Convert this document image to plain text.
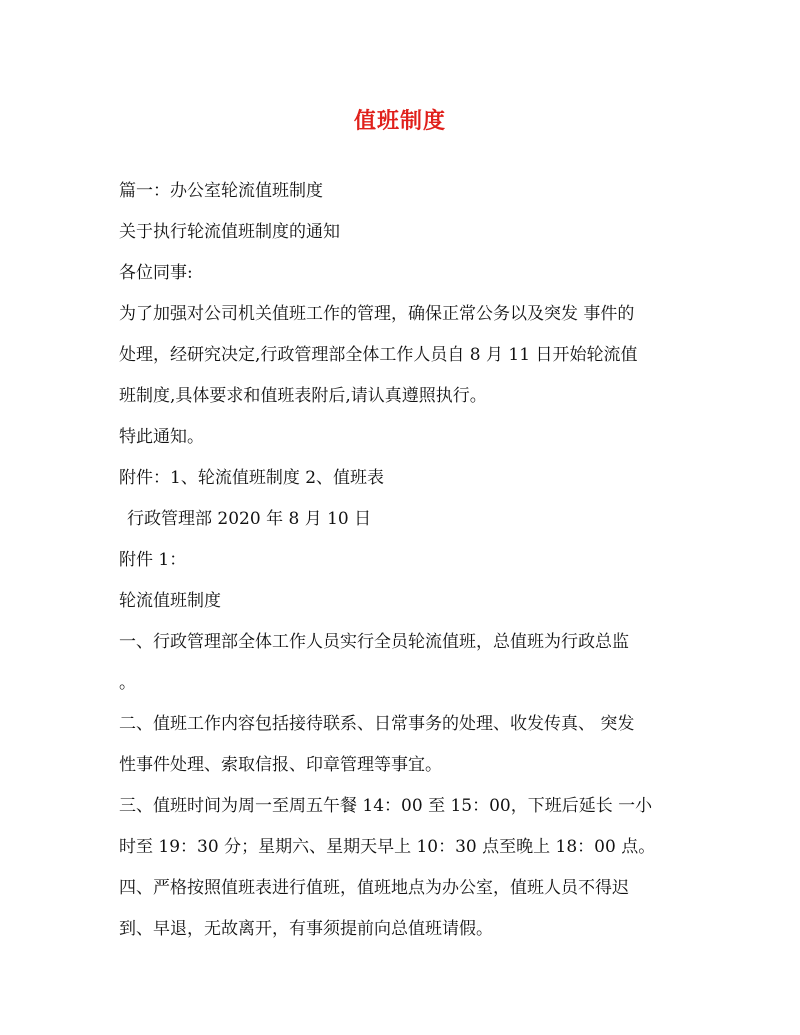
值班制度
篇一：办公室轮流值班制度
关于执行轮流值班制度的通知
各位同事:
为了加强对公司机关值班工作的管理，确保正常公务以及突发 事件的
处理，经研究决定,行政管理部全体工作人员自 8 月 11 日开始轮流值
班制度,具体要求和值班表附后,请认真遵照执行。
特此通知。
附件：1、轮流值班制度 2、值班表
行政管理部 2020 年 8 月 10 日
附件 1：
轮流值班制度
一、行政管理部全体工作人员实行全员轮流值班，总值班为行政总监
。
二、值班工作内容包括接待联系、日常事务的处理、收发传真、 突发
性事件处理、索取信报、印章管理等事宜。
三、值班时间为周一至周五午餐 14：00 至 15：00，下班后延长 一小
时至 19：30 分；星期六、星期天早上 10：30 点至晚上 18：00 点。
四、严格按照值班表进行值班，值班地点为办公室，值班人员不得迟
到、早退，无故离开，有事须提前向总值班请假。
